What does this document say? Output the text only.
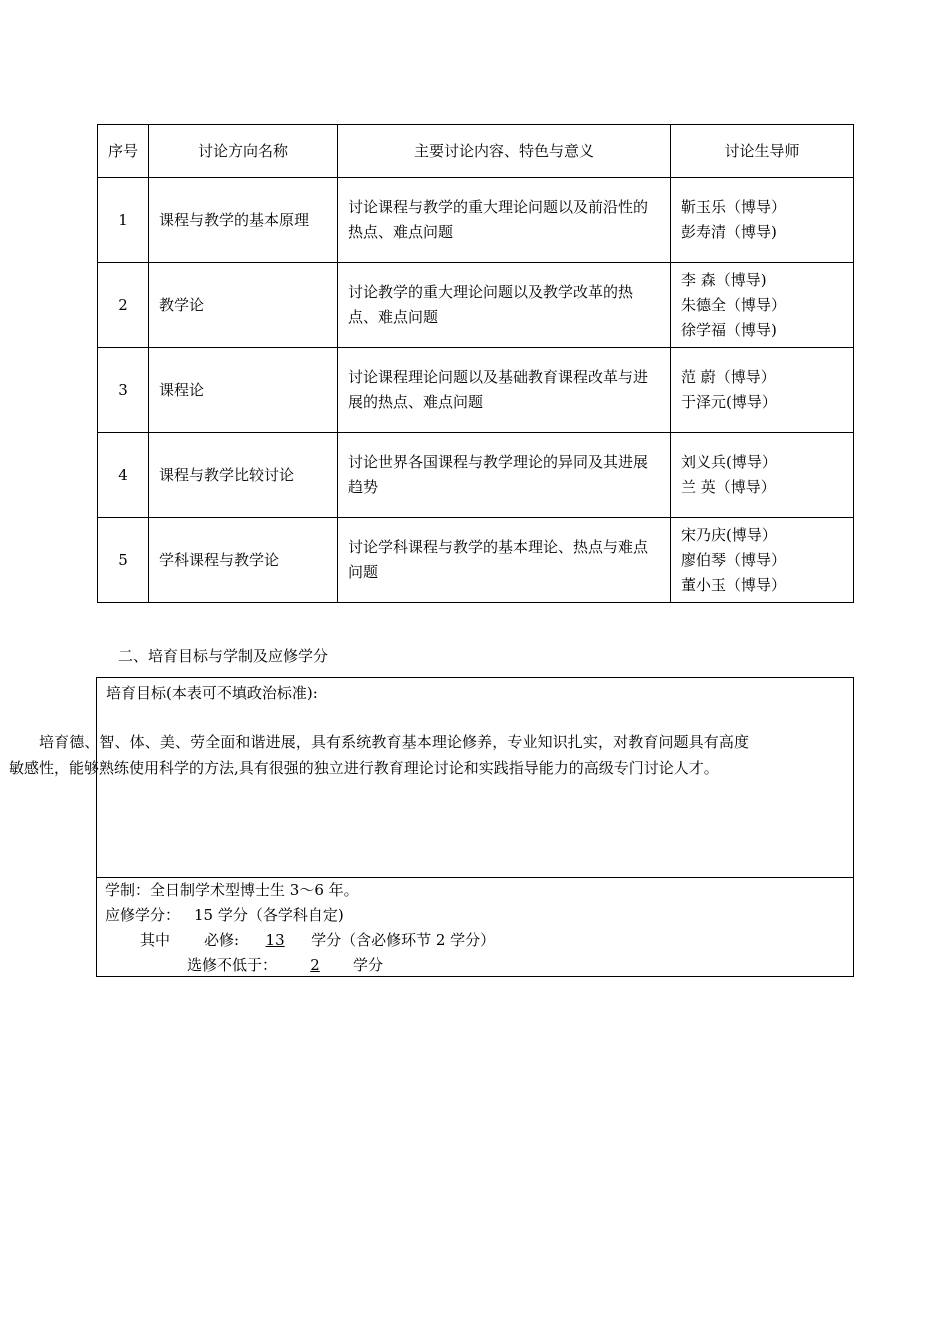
序号	讨论方向名称	主要讨论内容、特色与意义	讨论生导师
1	课程与教学的基本原理	讨论课程与教学的重大理论问题以及前沿性的热点、难点问题	靳玉乐（博导）
彭寿清（博导)

2	教学论	讨论教学的重大理论问题以及教学改革的热点、难点问题	李 森（博导)
朱德全（博导）
徐学福（博导)

3	课程论	讨论课程理论问题以及基础教育课程改革与进展的热点、难点问题	范 蔚（博导）
于泽元(博导）

4	课程与教学比较讨论	讨论世界各国课程与教学理论的异同及其进展趋势	刘义兵(博导）
兰 英（博导）

5	学科课程与教学论	讨论学科课程与教学的基本理论、热点与难点问题	宋乃庆(博导）
廖伯琴（博导）
董小玉（博导）
二、培育目标与学制及应修学分
培育目标(本表可不填政治标准):
培育德、智、体、美、劳全面和谐进展，具有系统教育基本理论修养，专业知识扎实，对教育问题具有高度敏感性，能够熟练使用科学的方法,具有很强的独立进行教育理论讨论和实践指导能力的高级专门讨论人才。
学制：全日制学术型博士生 3～6 年。
应修学分： 15 学分（各学科自定)
其中 必修: 13 学分（含必修环节 2 学分）
选修不低于： 2 学分
